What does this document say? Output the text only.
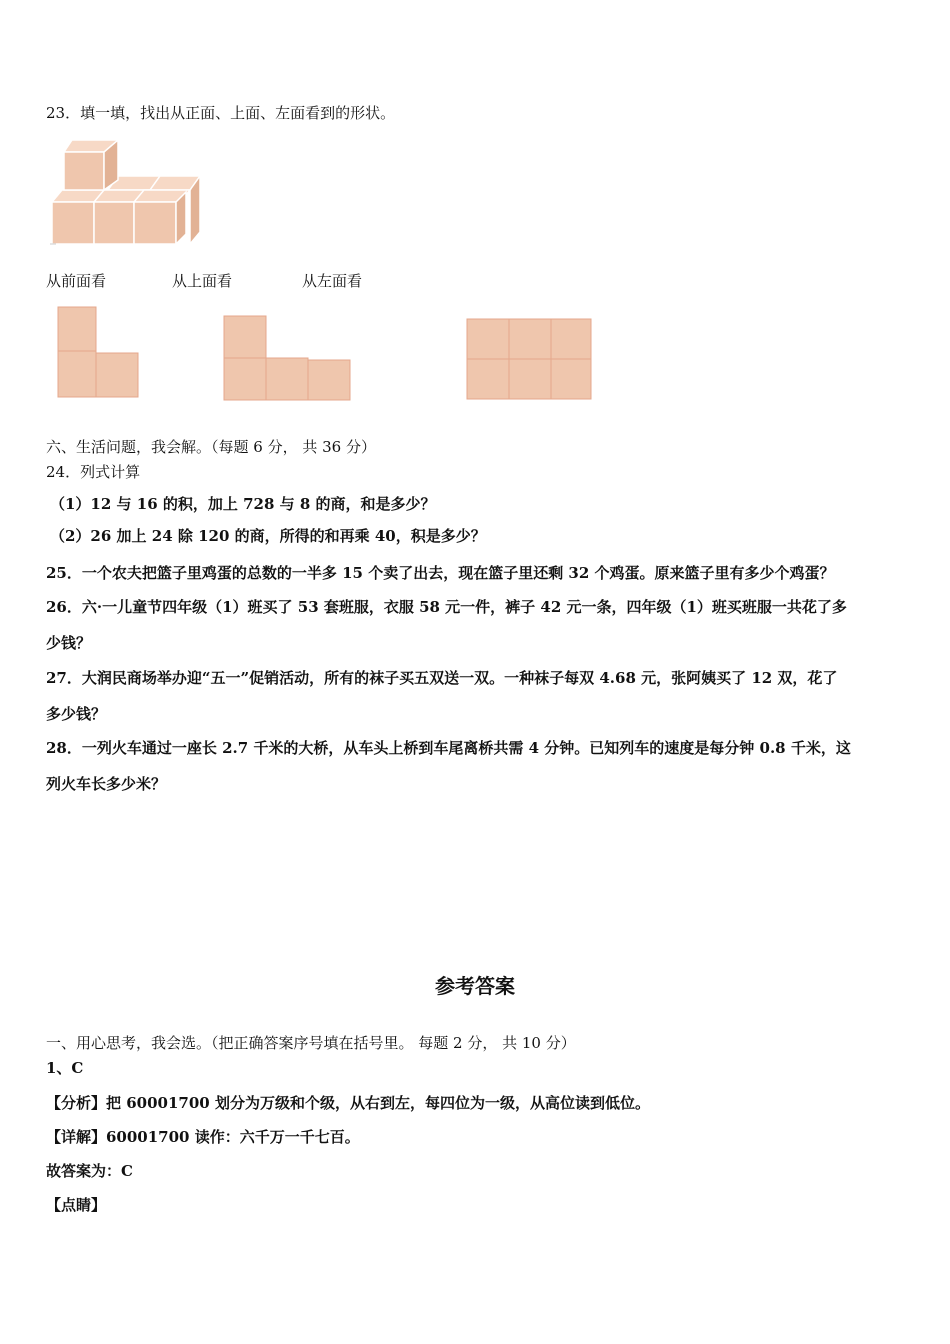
23．填一填，找出从正面、上面、左面看到的形状。
从前面看	从上面看	从左面看
六、生活问题，我会解。（每题 6 分， 共 36 分）
24．列式计算
（1）12 与 16 的积，加上 728 与 8 的商，和是多少？
（2）26 加上 24 除 120 的商，所得的和再乘 40，积是多少？
25．一个农夫把篮子里鸡蛋的总数的一半多 15 个卖了出去，现在篮子里还剩 32 个鸡蛋。原来篮子里有多少个鸡蛋？
26．六·一儿童节四年级（1）班买了 53 套班服，衣服 58 元一件，裤子 42 元一条，四年级（1）班买班服一共花了多
少钱？
27．大润民商场举办迎“五一”促销活动，所有的袜子买五双送一双。一种袜子每双 4.68 元，张阿姨买了 12 双，花了
多少钱？
28．一列火车通过一座长 2.7 千米的大桥，从车头上桥到车尾离桥共需 4 分钟。已知列车的速度是每分钟 0.8 千米，这
列火车长多少米？
参考答案
一、用心思考，我会选。（把正确答案序号填在括号里。 每题 2 分， 共 10 分）
1、C
【分析】把 60001700 划分为万级和个级，从右到左，每四位为一级，从高位读到低位。
【详解】60001700 读作：六千万一千七百。
故答案为：C
【点睛】
